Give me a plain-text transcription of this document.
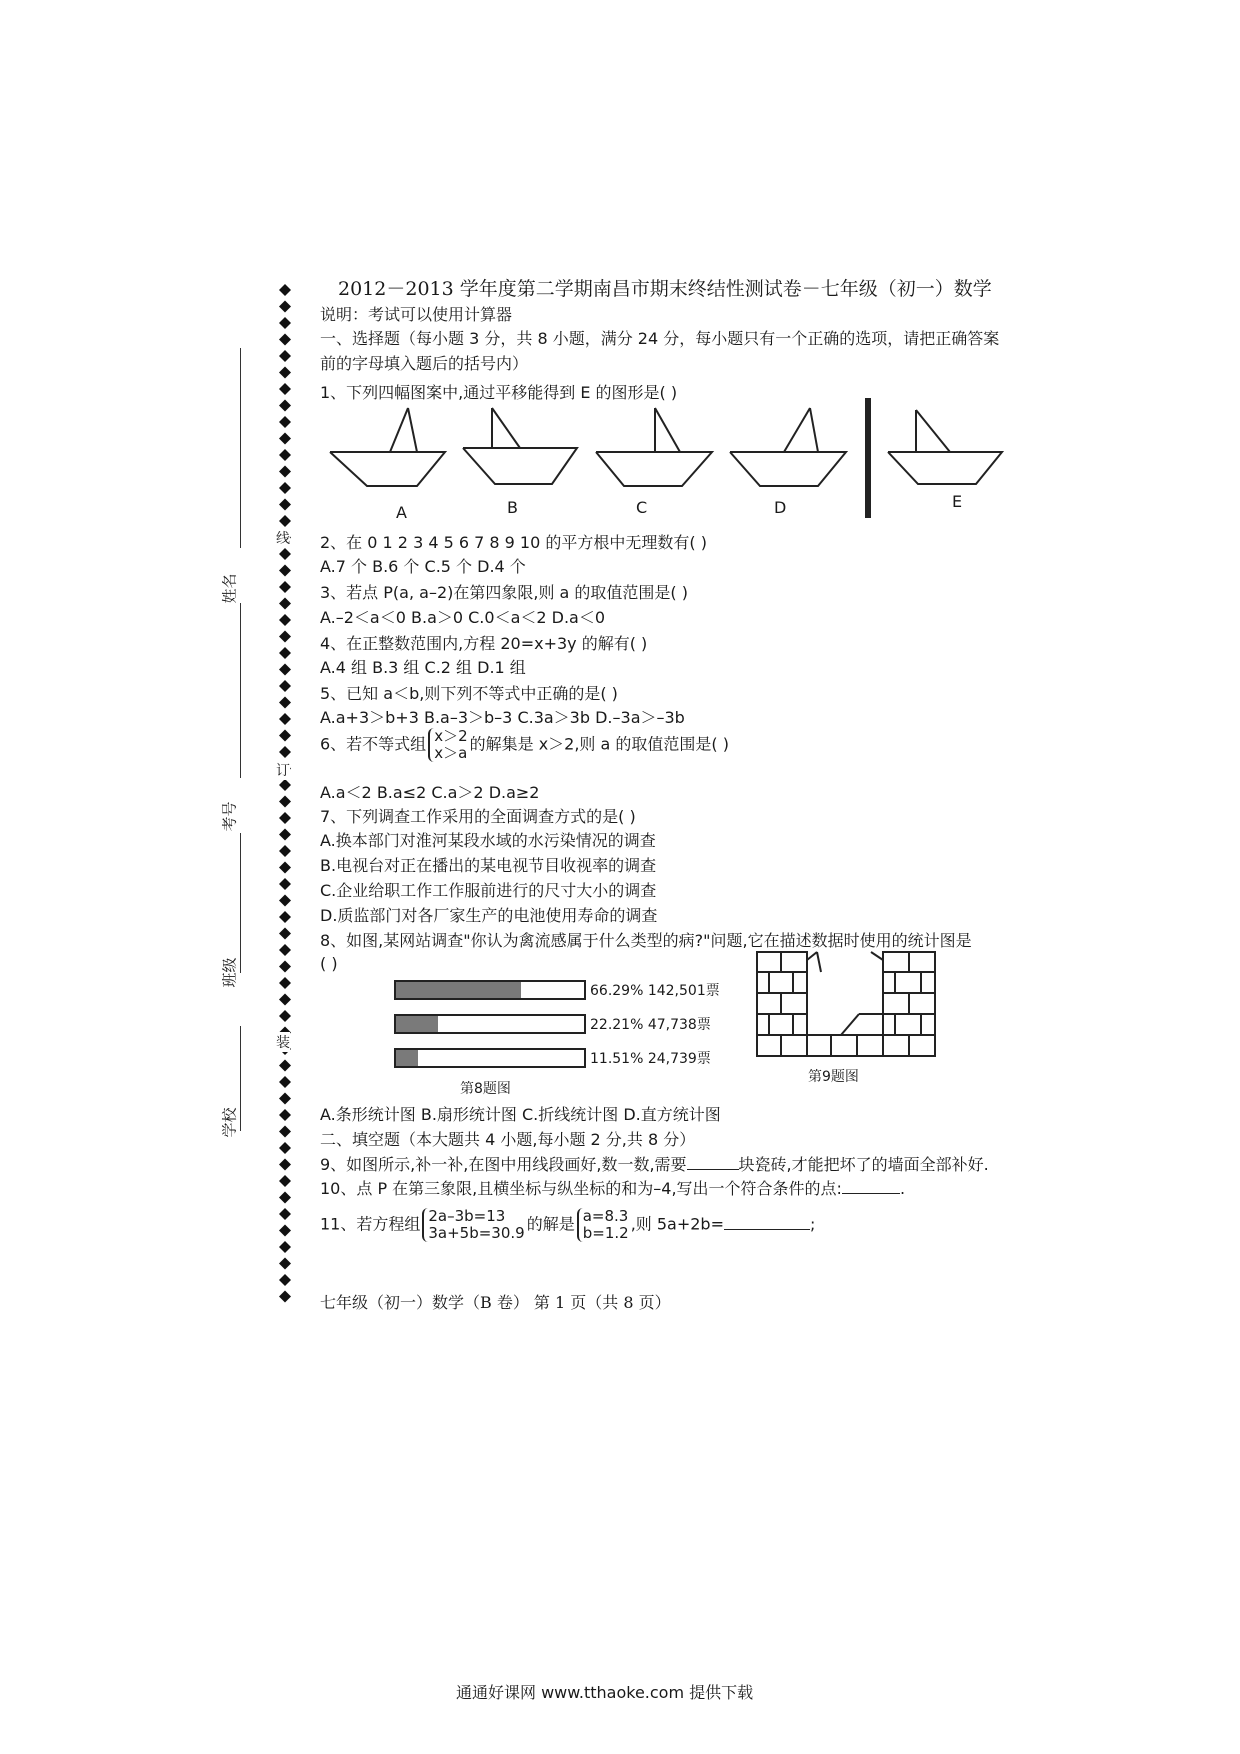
线
订
装
姓名
考号
班级
学校
2012－2013 学年度第二学期南昌市期末终结性测试卷－七年级（初一）数学
说明：考试可以使用计算器
一、选择题（每小题 3 分，共 8 小题，满分 24 分，每小题只有一个正确的选项，请把正确答案
前的字母填入题后的括号内）
1、下列四幅图案中,通过平移能得到 E 的图形是( )
A	B	C	D	E
2、在 0 1 2 3 4 5 6 7 8 9 10 的平方根中无理数有( )
A.7 个 B.6 个 C.5 个 D.4 个
3、若点 P(a, a–2)在第四象限,则 a 的取值范围是( )
A.–2＜a＜0 B.a＞0 C.0＜a＜2 D.a＜0
4、在正整数范围内,方程 20=x+3y 的解有( )
A.4 组 B.3 组 C.2 组 D.1 组
5、已知 a＜b,则下列不等式中正确的是( )
A.a+3＞b+3 B.a–3＞b–3 C.3a＞3b D.–3a＞–3b
6、若不等式组 x＞2
x＞a 的解集是 x＞2,则 a 的取值范围是( )
A.a＜2 B.a≤2 C.a＞2 D.a≥2
7、下列调查工作采用的全面调查方式的是( )
A.换本部门对淮河某段水域的水污染情况的调查
B.电视台对正在播出的某电视节目收视率的调查
C.企业给职工作工作服前进行的尺寸大小的调查
D.质监部门对各厂家生产的电池使用寿命的调查
8、如图,某网站调查"你认为禽流感属于什么类型的病?"问题,它在描述数据时使用的统计图是
( )
66.29% 142,501票
22.21% 47,738票
11.51% 24,739票
第8题图
第9题图
A.条形统计图 B.扇形统计图 C.折线统计图 D.直方统计图
二、填空题（本大题共 4 小题,每小题 2 分,共 8 分）
9、如图所示,补一补,在图中用线段画好,数一数,需要	块瓷砖,才能把坏了的墙面全部补好.
10、点 P 在第三象限,且横坐标与纵坐标的和为–4,写出一个符合条件的点:	.
11、若方程组 2a–3b=13
3a+5b=30.9 的解是 a=8.3
b=1.2 ,则 5a+2b=	;
七年级（初一）数学（B 卷） 第 1 页（共 8 页）
通通好课网 www.tthaoke.com 提供下载
